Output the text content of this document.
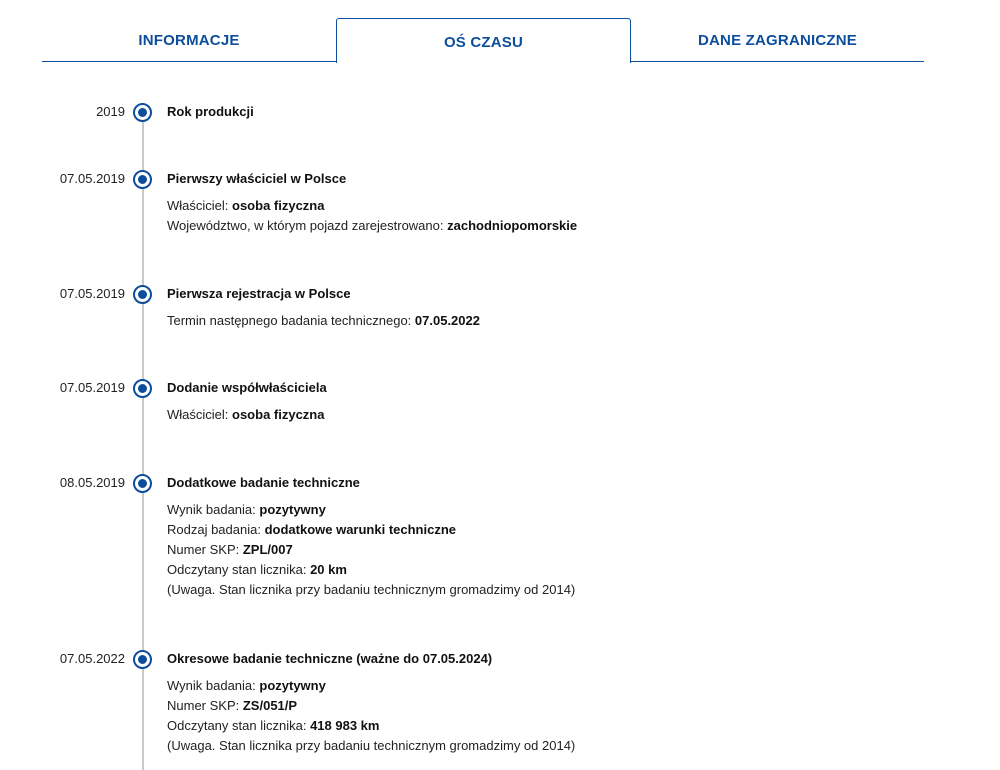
INFORMACJE	OŚ CZASU	DANE ZAGRANICZNE
2019	Rok produkcji
07.05.2019	Pierwszy właściciel w Polsce
Właściciel: osoba fizyczna
Województwo, w którym pojazd zarejestrowano: zachodniopomorskie
07.05.2019	Pierwsza rejestracja w Polsce
Termin następnego badania technicznego: 07.05.2022
07.05.2019	Dodanie współwłaściciela
Właściciel: osoba fizyczna
08.05.2019	Dodatkowe badanie techniczne
Wynik badania: pozytywny
Rodzaj badania: dodatkowe warunki techniczne
Numer SKP: ZPL/007
Odczytany stan licznika: 20 km
(Uwaga. Stan licznika przy badaniu technicznym gromadzimy od 2014)
07.05.2022	Okresowe badanie techniczne (ważne do 07.05.2024)
Wynik badania: pozytywny
Numer SKP: ZS/051/P
Odczytany stan licznika: 418 983 km
(Uwaga. Stan licznika przy badaniu technicznym gromadzimy od 2014)
